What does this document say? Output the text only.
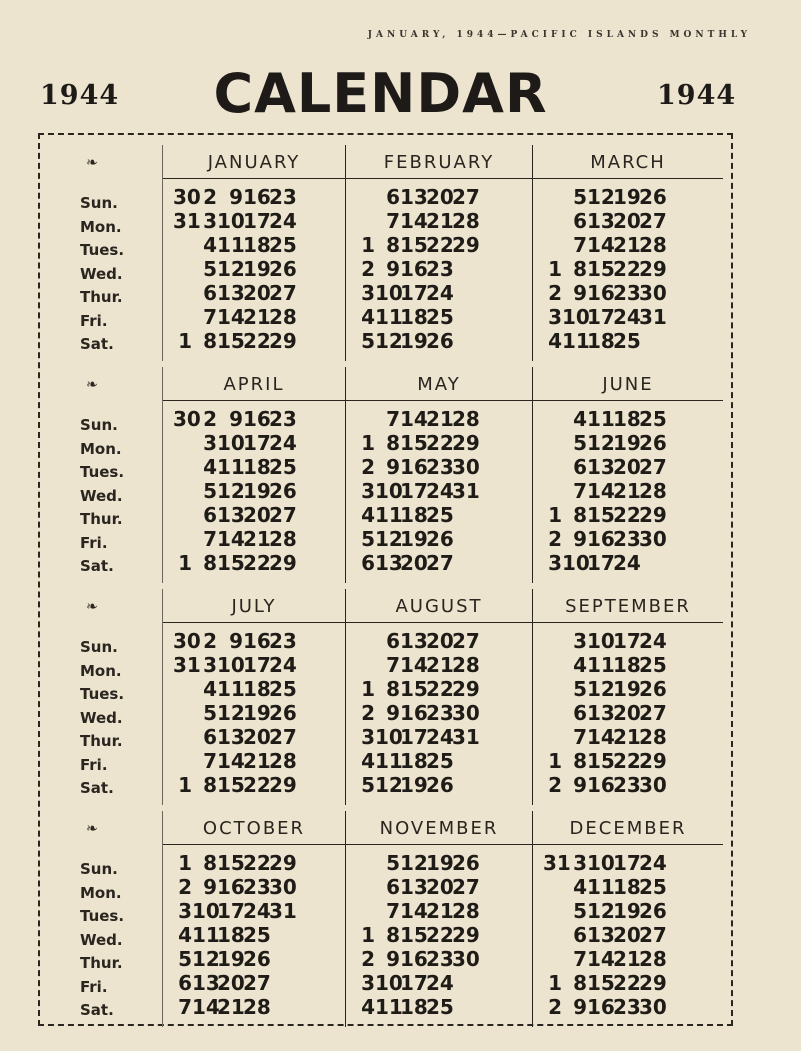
JANUARY, 1944—PACIFIC ISLANDS MONTHLY
1944	CALENDAR	1944
❧
Sun.
Mon.
Tues.
Wed.
Thur.
Fri.
Sat.
JANUARY
30
31
1
2
3
4
5
6
7
8
9
10
11
12
13
14
15
16
17
18
19
20
21
22
23
24
25
26
27
28
29
FEBRUARY
1
2
3
4
5
6
7
8
9
10
11
12
13
14
15
16
17
18
19
20
21
22
23
24
25
26
27
28
29
MARCH
1
2
3
4
5
6
7
8
9
10
11
12
13
14
15
16
17
18
19
20
21
22
23
24
25
26
27
28
29
30
31
❧
Sun.
Mon.
Tues.
Wed.
Thur.
Fri.
Sat.
APRIL
30
1
2
3
4
5
6
7
8
9
10
11
12
13
14
15
16
17
18
19
20
21
22
23
24
25
26
27
28
29
MAY
1
2
3
4
5
6
7
8
9
10
11
12
13
14
15
16
17
18
19
20
21
22
23
24
25
26
27
28
29
30
31
JUNE
1
2
3
4
5
6
7
8
9
10
11
12
13
14
15
16
17
18
19
20
21
22
23
24
25
26
27
28
29
30
❧
Sun.
Mon.
Tues.
Wed.
Thur.
Fri.
Sat.
JULY
30
31
1
2
3
4
5
6
7
8
9
10
11
12
13
14
15
16
17
18
19
20
21
22
23
24
25
26
27
28
29
AUGUST
1
2
3
4
5
6
7
8
9
10
11
12
13
14
15
16
17
18
19
20
21
22
23
24
25
26
27
28
29
30
31
SEPTEMBER
1
2
3
4
5
6
7
8
9
10
11
12
13
14
15
16
17
18
19
20
21
22
23
24
25
26
27
28
29
30
❧
Sun.
Mon.
Tues.
Wed.
Thur.
Fri.
Sat.
OCTOBER
1
2
3
4
5
6
7
8
9
10
11
12
13
14
15
16
17
18
19
20
21
22
23
24
25
26
27
28
29
30
31
NOVEMBER
1
2
3
4
5
6
7
8
9
10
11
12
13
14
15
16
17
18
19
20
21
22
23
24
25
26
27
28
29
30
DECEMBER
31
1
2
3
4
5
6
7
8
9
10
11
12
13
14
15
16
17
18
19
20
21
22
23
24
25
26
27
28
29
30
